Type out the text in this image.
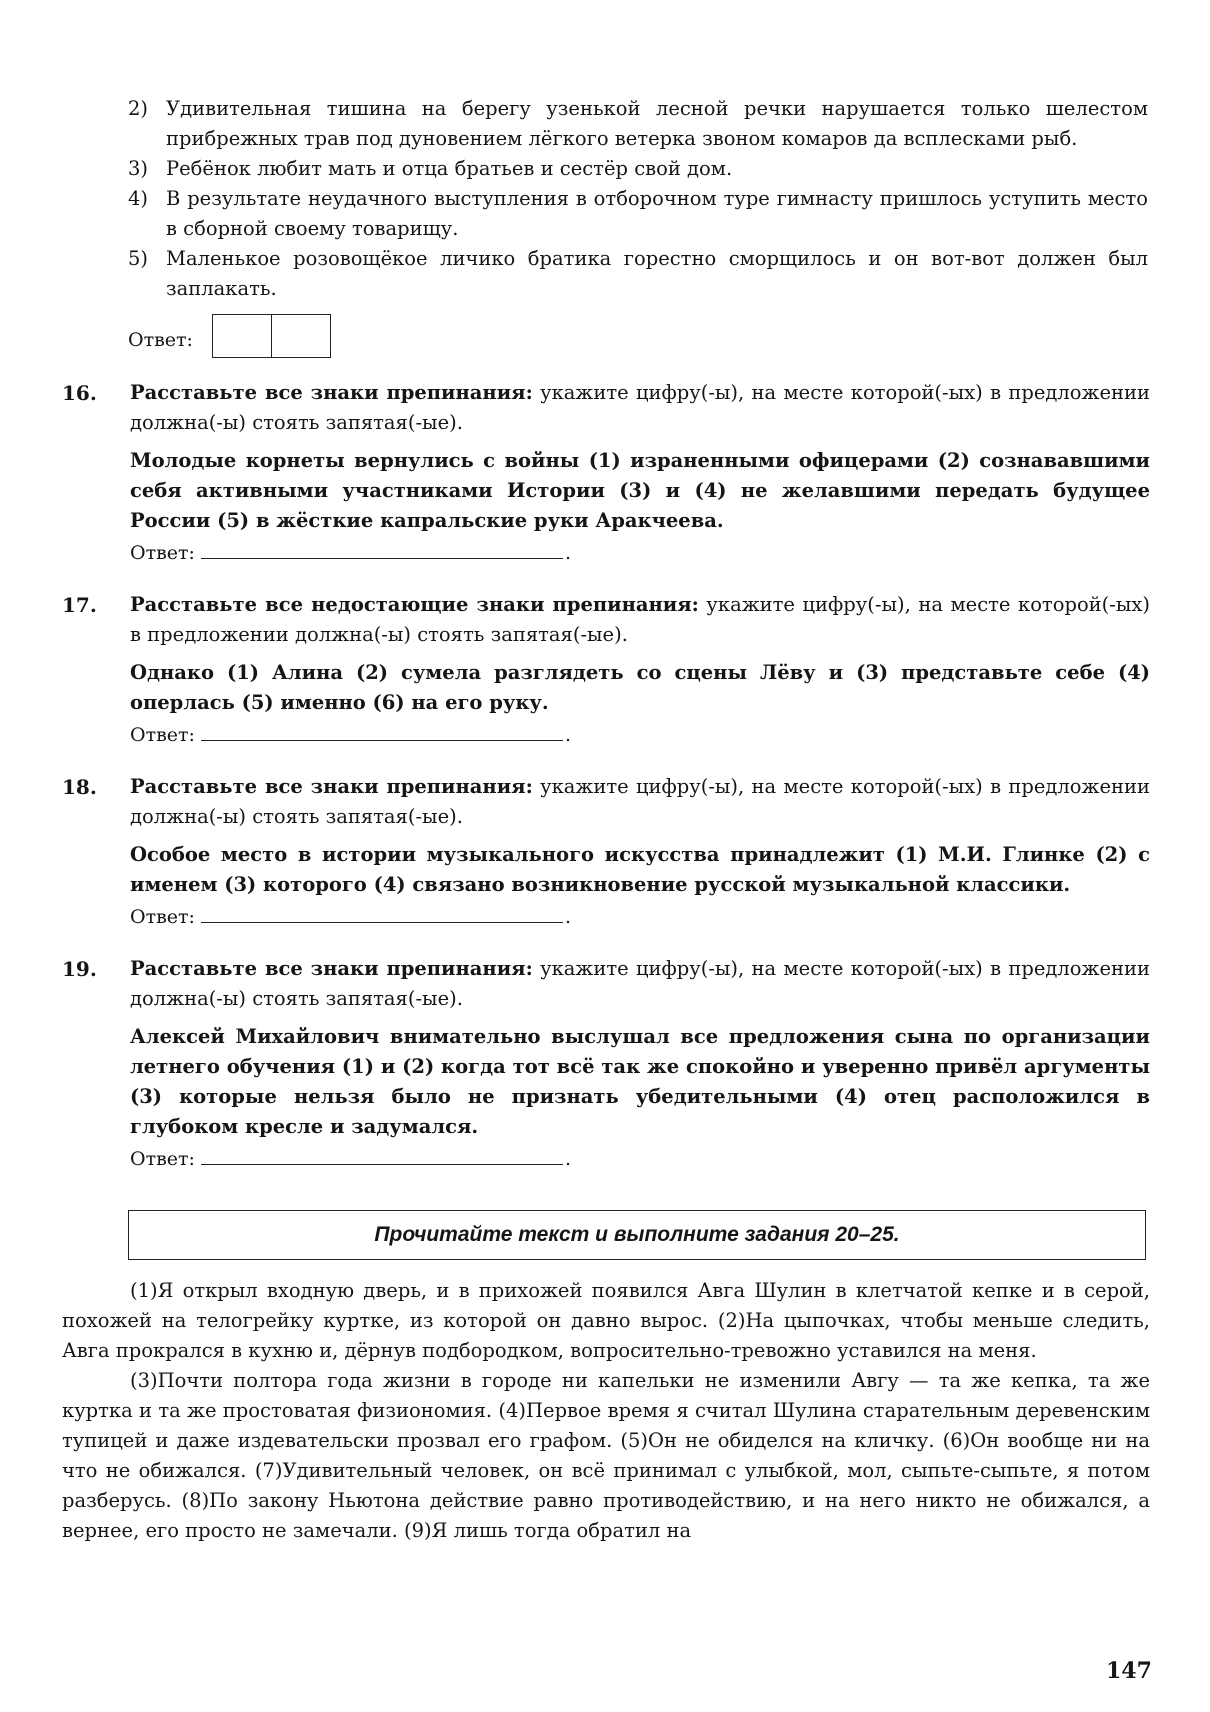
2) Удивительная тишина на берегу узенькой лесной речки нарушается только шелестом прибрежных трав под дуновением лёгкого ветерка звоном комаров да всплесками рыб.
3) Ребёнок любит мать и отца братьев и сестёр свой дом.
4) В результате неудачного выступления в отборочном туре гимнасту пришлось уступить место в сборной своему товарищу.
5) Маленькое розовощёкое личико братика горестно сморщилось и он вот-вот должен был заплакать.
Ответ:
16. Расставьте все знаки препинания: укажите цифру(-ы), на месте которой(-ых) в предложении должна(-ы) стоять запятая(-ые).

Молодые корнеты вернулись с войны (1) израненными офицерами (2) сознававшими себя активными участниками Истории (3) и (4) не желавшими передать будущее России (5) в жёсткие капральские руки Аракчеева.

Ответ:	.
17. Расставьте все недостающие знаки препинания: укажите цифру(-ы), на месте которой(-ых) в предложении должна(-ы) стоять запятая(-ые).

Однако (1) Алина (2) сумела разглядеть со сцены Лёву и (3) представьте себе (4) оперлась (5) именно (6) на его руку.

Ответ:	.
18. Расставьте все знаки препинания: укажите цифру(-ы), на месте которой(-ых) в предложении должна(-ы) стоять запятая(-ые).

Особое место в истории музыкального искусства принадлежит (1) М.И. Глинке (2) с именем (3) которого (4) связано возникновение русской музыкальной классики.

Ответ:	.
19. Расставьте все знаки препинания: укажите цифру(-ы), на месте которой(-ых) в предложении должна(-ы) стоять запятая(-ые).

Алексей Михайлович внимательно выслушал все предложения сына по организации летнего обучения (1) и (2) когда тот всё так же спокойно и уверенно привёл аргументы (3) которые нельзя было не признать убедительными (4) отец расположился в глубоком кресле и задумался.

Ответ:	.
Прочитайте текст и выполните задания 20–25.

(1)Я открыл входную дверь, и в прихожей появился Авга Шулин в клетчатой кепке и в серой, похожей на телогрейку куртке, из которой он давно вырос. (2)На цыпочках, чтобы меньше следить, Авга прокрался в кухню и, дёрнув подбородком, вопросительно-тревожно уставился на меня.

(3)Почти полтора года жизни в городе ни капельки не изменили Авгу — та же кепка, та же куртка и та же простоватая физиономия. (4)Первое время я считал Шулина старательным деревенским тупицей и даже издевательски прозвал его графом. (5)Он не обиделся на кличку. (6)Он вообще ни на что не обижался. (7)Удивительный человек, он всё принимал с улыбкой, мол, сыпьте-сыпьте, я потом разберусь. (8)По закону Ньютона действие равно противодействию, и на него никто не обижался, а вернее, его просто не замечали. (9)Я лишь тогда обратил на

147
